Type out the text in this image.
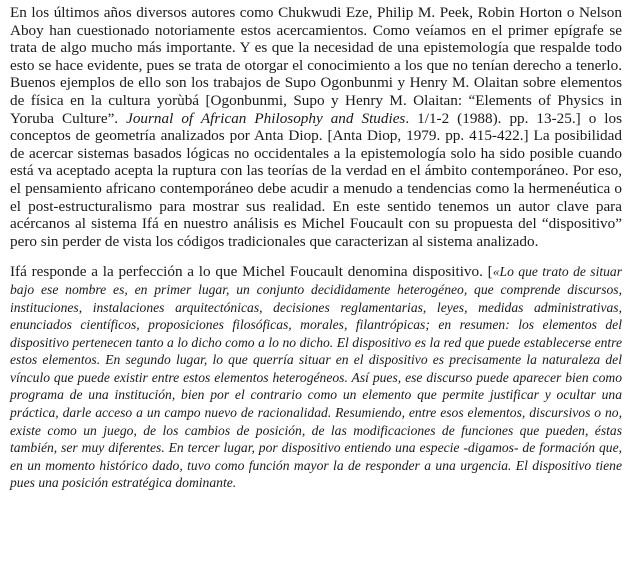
En los últimos años diversos autores como Chukwudi Eze, Philip M. Peek, Robin Horton o Nelson Aboy han cuestionado notoriamente estos acercamientos. Como veíamos en el primer epígrafe se trata de algo mucho más importante. Y es que la necesidad de una epistemología que respalde todo esto se hace evidente, pues se trata de otorgar el conocimiento a los que no tenían derecho a tenerlo. Buenos ejemplos de ello son los trabajos de Supo Ogonbunmi y Henry M. Olaitan sobre elementos de física en la cultura yorùbá [Ogonbunmi, Supo y Henry M. Olaitan: “Elements of Physics in Yoruba Culture”. Journal of African Philosophy and Studies. 1/1-2 (1988). pp. 13-25.] o los conceptos de geometría analizados por Anta Diop. [Anta Diop, 1979. pp. 415-422.] La posibilidad de acercar sistemas basados lógicas no occidentales a la epistemología solo ha sido posible cuando está va aceptado acepta la ruptura con las teorías de la verdad en el ámbito contemporáneo. Por eso, el pensamiento africano contemporáneo debe acudir a menudo a tendencias como la hermenéutica o el post-estructuralismo para mostrar sus realidad. En este sentido tenemos un autor clave para acércanos al sistema Ifá en nuestro análisis es Michel Foucault con su propuesta del “dispositivo” pero sin perder de vista los códigos tradicionales que caracterizan al sistema analizado.

Ifá responde a la perfección a lo que Michel Foucault denomina dispositivo. [«Lo que trato de situar bajo ese nombre es, en primer lugar, un conjunto decididamente heterogéneo, que comprende discursos, instituciones, instalaciones arquitectónicas, decisiones reglamentarias, leyes, medidas administrativas, enunciados científicos, proposiciones filosóficas, morales, filantrópicas; en resumen: los elementos del dispositivo pertenecen tanto a lo dicho como a lo no dicho. El dispositivo es la red que puede establecerse entre estos elementos. En segundo lugar, lo que querría situar en el dispositivo es precisamente la naturaleza del vínculo que puede existir entre estos elementos heterogéneos. Así pues, ese discurso puede aparecer bien como programa de una institución, bien por el contrario como un elemento que permite justificar y ocultar una práctica, darle acceso a un campo nuevo de racionalidad. Resumiendo, entre esos elementos, discursivos o no, existe como un juego, de los cambios de posición, de las modificaciones de funciones que pueden, éstas también, ser muy diferentes. En tercer lugar, por dispositivo entiendo una especie -digamos- de formación que, en un momento histórico dado, tuvo como función mayor la de responder a una urgencia. El dispositivo tiene pues una posición estratégica dominante.
